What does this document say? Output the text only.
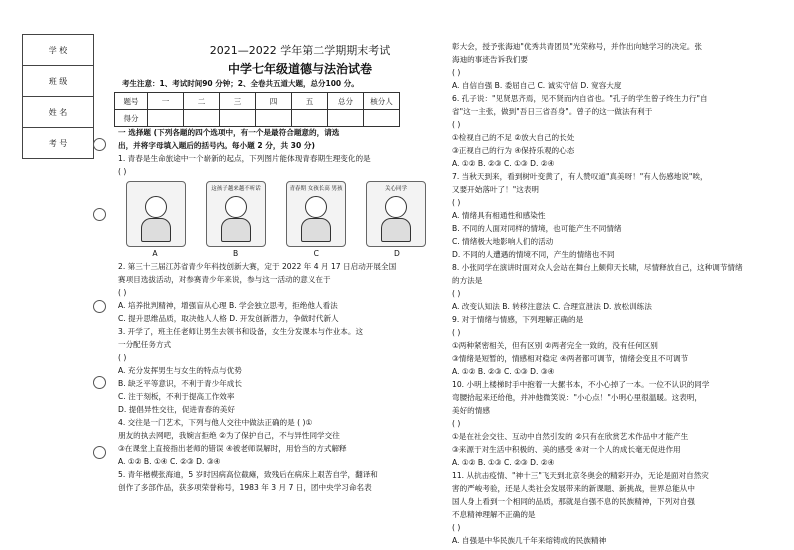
学 校
班 级
姓 名
考 号
2021—2022 学年第二学期期末考试
中学七年级道德与法治试卷
考生注意：1、考试时间90 分钟；2、全卷共五道大题，总分100 分。
题号	一	二	三	四	五	总分	核分人
得分							
一 选择题 (下列各题的四个选项中，有一个是最符合题意的，请选
出，并将字母填入题后的括号内。每小题 2 分，共 30 分)
1. 青春是生命旅途中一个崭新的起点，下列图片能体现青春期生理变化的是
( )
这孩子越来越不听话	青春期 女孩长高 男孩	关心同学
A	B	C	D
2. 第三十三届江苏省青少年科技创新大赛，定于 2022 年 4 月 17 日启动开展全国
赛项目选拔活动，对参赛青少年来说，参与这一活动的意义在于
( )
A. 培养批判精神，增强盲从心理 B. 学会独立思考，拒绝他人看法
C. 提升思维品质，取决他人人格 D. 开发创新潜力，争做时代新人
3. 开学了，班主任老师让男生去领书和设备，女生分发课本与作业本。这
一分配任务方式
( )
A. 充分发挥男生与女生的特点与优势
B. 缺乏平等意识，不利于青少年成长
C. 注于刻板，不利于提高工作效率
D. 提倡异性交往，促进青春的美好
4. 交往是一门艺术，下列与他人交往中做法正确的是 ( )①
朋友的执去网吧，我婉言拒绝 ②为了保护自己，不与异性同学交往
③在课堂上直接指出老师的错误 ④被老师误解时，用恰当的方式解释
A. ①② B. ①④ C. ②③ D. ③④
5. 青年楷模张海迪，5 岁时因病高位截瘫，致残后在病床上艰苦自学，翻译和
创作了多部作品，获多项荣誉称号，1983 年 3 月 7 日，团中央学习命名表
彰大会，授予张海迪"优秀共青团员"光荣称号，并作出向她学习的决定。张
海迪的事迹告诉我们要
( )
A. 自信自强 B. 委屈自己 C. 诚实守信 D. 宽容大度
6. 孔子说："见贤思齐焉，见不贤而内自省也。"孔子的学生曾子终生力行"自
省"这一主张，做到"吾日三省吾身"。曾子的这一做法有利于
( )
①检视自己的不足 ②放大自己的长处
③正视自己的行为 ④保持乐观的心态
A. ①② B. ②③ C. ①③ D. ②④
7. 当秋天到来，看到树叶变黄了，有人赞叹道"真美呀！"有人伤感地说"唉，
又要开始落叶了！"这表明
( )
A. 情绪具有相通性和感染性
B. 不同的人面对同样的情境，也可能产生不同情绪
C. 情绪极大地影响人们的活动
D. 不同的人遭遇的情境不同，产生的情绪也不同
8. 小张同学在演讲时面对众人会站在舞台上颇仰天长啸，尽情释放自己，这种调节情绪
的方法是
( )
A. 改变认知法 B. 转移注意法 C. 合理宣泄法 D. 放松训练法
9. 对于情绪与情感，下列理解正确的是
( )
①两种紧密相关，但有区别 ②两者完全一致的，没有任何区别
③情绪是短暂的，情感相对稳定 ④两者都可调节，情绪会变且不可调节
A. ①② B. ②③ C. ①③ D. ③④
10. 小明上楼梯时手中抱着一大摞书本，不小心掉了一本。一位不认识的同学
弯腰拾起来还给他，并冲他微笑说："小心点！"小明心里很温暖。这表明，
美好的情感
( )
①是在社会交往、互动中自然引发的 ②只有在欣赏艺术作品中才能产生
③来源于对生活中积极的、美的感受 ④对一个人的成长毫无促进作用
A. ①② B. ①③ C. ②③ D. ②④
11. 从抗击疫情、"神十三"飞天到北京冬奥会的精彩开办，无论是面对自然灾
害的严峻考验，还是人类社会发展带来的新课题、新挑战，世界总能从中
国人身上看到一个相同的品质，那就是自强不息的民族精神，下列对自强
不息精神理解不正确的是
( )
A. 自强是中华民族几千年来熔铸成的民族精神
